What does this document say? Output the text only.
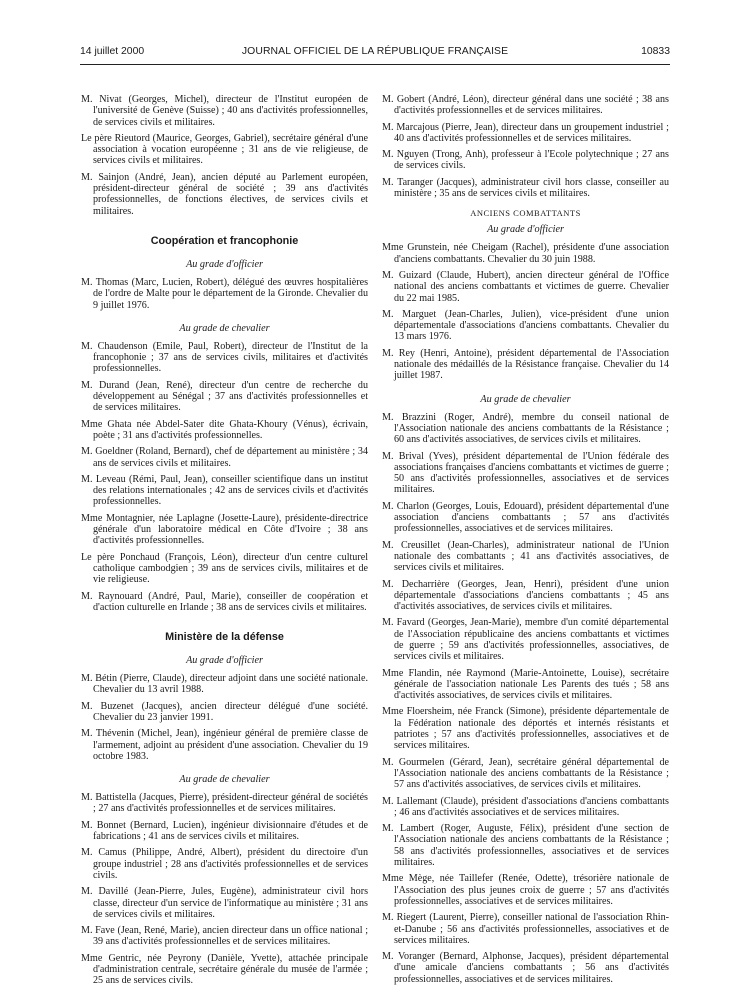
14 juillet 2000	JOURNAL OFFICIEL DE LA RÉPUBLIQUE FRANÇAISE	10833

M. Nivat (Georges, Michel), directeur de l'Institut européen de l'université de Genève (Suisse) ; 40 ans d'activités professionnelles, de services civils et militaires.

Le père Rieutord (Maurice, Georges, Gabriel), secrétaire général d'une association à vocation européenne ; 31 ans de vie religieuse, de services civils et militaires.

M. Sainjon (André, Jean), ancien député au Parlement européen, président-directeur général de société ; 39 ans d'activités professionnelles, de fonctions électives, de services civils et militaires.

Coopération et francophonie

Au grade d'officier

M. Thomas (Marc, Lucien, Robert), délégué des œuvres hospitalières de l'ordre de Malte pour le département de la Gironde. Chevalier du 9 juillet 1976.

Au grade de chevalier

M. Chaudenson (Emile, Paul, Robert), directeur de l'Institut de la francophonie ; 37 ans de services civils, militaires et d'activités professionnelles.

M. Durand (Jean, René), directeur d'un centre de recherche du développement au Sénégal ; 37 ans d'activités professionnelles et de services militaires.

Mme Ghata née Abdel-Sater dite Ghata-Khoury (Vénus), écrivain, poète ; 31 ans d'activités professionnelles.

M. Goeldner (Roland, Bernard), chef de département au ministère ; 34 ans de services civils et militaires.

M. Leveau (Rémi, Paul, Jean), conseiller scientifique dans un institut des relations internationales ; 42 ans de services civils et d'activités professionnelles.

Mme Montagnier, née Laplagne (Josette-Laure), présidente-directrice générale d'un laboratoire médical en Côte d'Ivoire ; 38 ans d'activités professionnelles.

Le père Ponchaud (François, Léon), directeur d'un centre culturel catholique cambodgien ; 39 ans de services civils, militaires et de vie religieuse.

M. Raynouard (André, Paul, Marie), conseiller de coopération et d'action culturelle en Irlande ; 38 ans de services civils et militaires.

Ministère de la défense

Au grade d'officier

M. Bétin (Pierre, Claude), directeur adjoint dans une société nationale. Chevalier du 13 avril 1988.

M. Buzenet (Jacques), ancien directeur délégué d'une société. Chevalier du 23 janvier 1991.

M. Thévenin (Michel, Jean), ingénieur général de première classe de l'armement, adjoint au président d'une association. Chevalier du 19 octobre 1983.

Au grade de chevalier

M. Battistella (Jacques, Pierre), président-directeur général de sociétés ; 27 ans d'activités professionnelles et de services militaires.

M. Bonnet (Bernard, Lucien), ingénieur divisionnaire d'études et de fabrications ; 41 ans de services civils et militaires.

M. Camus (Philippe, André, Albert), président du directoire d'un groupe industriel ; 28 ans d'activités professionnelles et de services civils.

M. Davillé (Jean-Pierre, Jules, Eugène), administrateur civil hors classe, directeur d'un service de l'informatique au ministère ; 31 ans de services civils et militaires.

M. Fave (Jean, René, Marie), ancien directeur dans un office national ; 39 ans d'activités professionnelles et de services militaires.

Mme Gentric, née Peyrony (Danièle, Yvette), attachée principale d'administration centrale, secrétaire générale du musée de l'armée ; 25 ans de services civils.

M. Gobert (André, Léon), directeur général dans une société ; 38 ans d'activités professionnelles et de services militaires.

M. Marcajous (Pierre, Jean), directeur dans un groupement industriel ; 40 ans d'activités professionnelles et de services militaires.

M. Nguyen (Trong, Anh), professeur à l'Ecole polytechnique ; 27 ans de services civils.

M. Taranger (Jacques), administrateur civil hors classe, conseiller au ministère ; 35 ans de services civils et militaires.

ANCIENS COMBATTANTS

Au grade d'officier

Mme Grunstein, née Cheigam (Rachel), présidente d'une association d'anciens combattants. Chevalier du 30 juin 1988.

M. Guizard (Claude, Hubert), ancien directeur général de l'Office national des anciens combattants et victimes de guerre. Chevalier du 22 mai 1985.

M. Marguet (Jean-Charles, Julien), vice-président d'une union départementale d'associations d'anciens combattants. Chevalier du 13 mars 1976.

M. Rey (Henri, Antoine), président départemental de l'Association nationale des médaillés de la Résistance française. Chevalier du 14 juillet 1987.

Au grade de chevalier

M. Brazzini (Roger, André), membre du conseil national de l'Association nationale des anciens combattants de la Résistance ; 60 ans d'activités associatives, de services civils et militaires.

M. Brival (Yves), président départemental de l'Union fédérale des associations françaises d'anciens combattants et victimes de guerre ; 50 ans d'activités professionnelles, associatives et de services militaires.

M. Charlon (Georges, Louis, Edouard), président départemental d'une association d'anciens combattants ; 57 ans d'activités professionnelles, associatives et de services militaires.

M. Creusillet (Jean-Charles), administrateur national de l'Union nationale des combattants ; 41 ans d'activités associatives, de services civils et militaires.

M. Decharrière (Georges, Jean, Henri), président d'une union départementale d'associations d'anciens combattants ; 45 ans d'activités associatives, de services civils et militaires.

M. Favard (Georges, Jean-Marie), membre d'un comité départemental de l'Association républicaine des anciens combattants et victimes de guerre ; 59 ans d'activités professionnelles, associatives, de services civils et militaires.

Mme Flandin, née Raymond (Marie-Antoinette, Louise), secrétaire générale de l'association nationale Les Parents des tués ; 58 ans d'activités associatives, de services civils et militaires.

Mme Floersheim, née Franck (Simone), présidente départementale de la Fédération nationale des déportés et internés résistants et patriotes ; 57 ans d'activités professionnelles, associatives et de services militaires.

M. Gourmelen (Gérard, Jean), secrétaire général départemental de l'Association nationale des anciens combattants de la Résistance ; 57 ans d'activités associatives, de services civils et militaires.

M. Lallemant (Claude), président d'associations d'anciens combattants ; 46 ans d'activités associatives et de services militaires.

M. Lambert (Roger, Auguste, Félix), président d'une section de l'Association nationale des anciens combattants de la Résistance ; 58 ans d'activités professionnelles, associatives et de services militaires.

Mme Mège, née Taillefer (Renée, Odette), trésorière nationale de l'Association des plus jeunes croix de guerre ; 57 ans d'activités professionnelles, associatives et de services militaires.

M. Riegert (Laurent, Pierre), conseiller national de l'association Rhin-et-Danube ; 56 ans d'activités professionnelles, associatives et de services militaires.

M. Voranger (Bernard, Alphonse, Jacques), président départemental d'une amicale d'anciens combattants ; 56 ans d'activités professionnelles, associatives et de services militaires.
